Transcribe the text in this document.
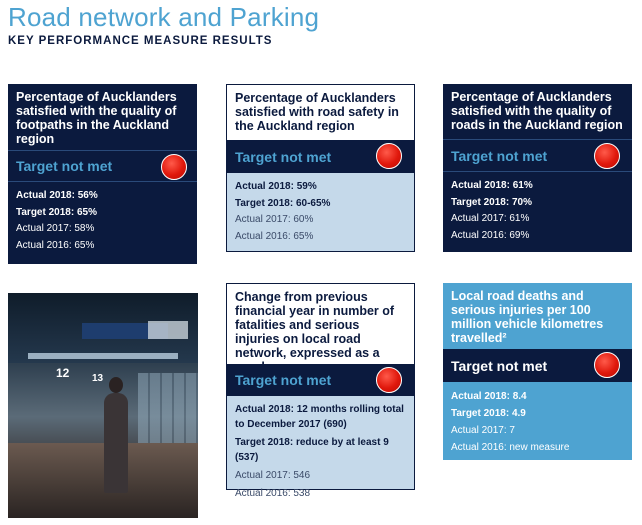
Road network and Parking
KEY PERFORMANCE MEASURE RESULTS
Percentage of Aucklanders satisfied with the quality of footpaths in the Auckland region
Target not met
Actual 2018: 56%
Target 2018: 65%
Actual 2017: 58%
Actual 2016: 65%
Percentage of Aucklanders satisfied with road safety in the Auckland region
Target not met
Actual 2018: 59%
Target 2018: 60-65%
Actual 2017: 60%
Actual 2016: 65%
Percentage of Aucklanders satisfied with the quality of roads in the Auckland region
Target not met
Actual 2018: 61%
Target 2018: 70%
Actual 2017: 61%
Actual 2016: 69%
12 13
Change from previous financial year in number of fatalities and serious injuries on local road network, expressed as a
Target not met
Actual 2018: 12 months rolling total to December 2017 (690)
Target 2018: reduce by at least 9 (537)
Actual 2017: 546
Actual 2016: 538
Local road deaths and serious injuries per 100 million vehicle kilometres travelled²
Target not met
Actual 2018: 8.4
Target 2018: 4.9
Actual 2017: 7
Actual 2016: new measure
